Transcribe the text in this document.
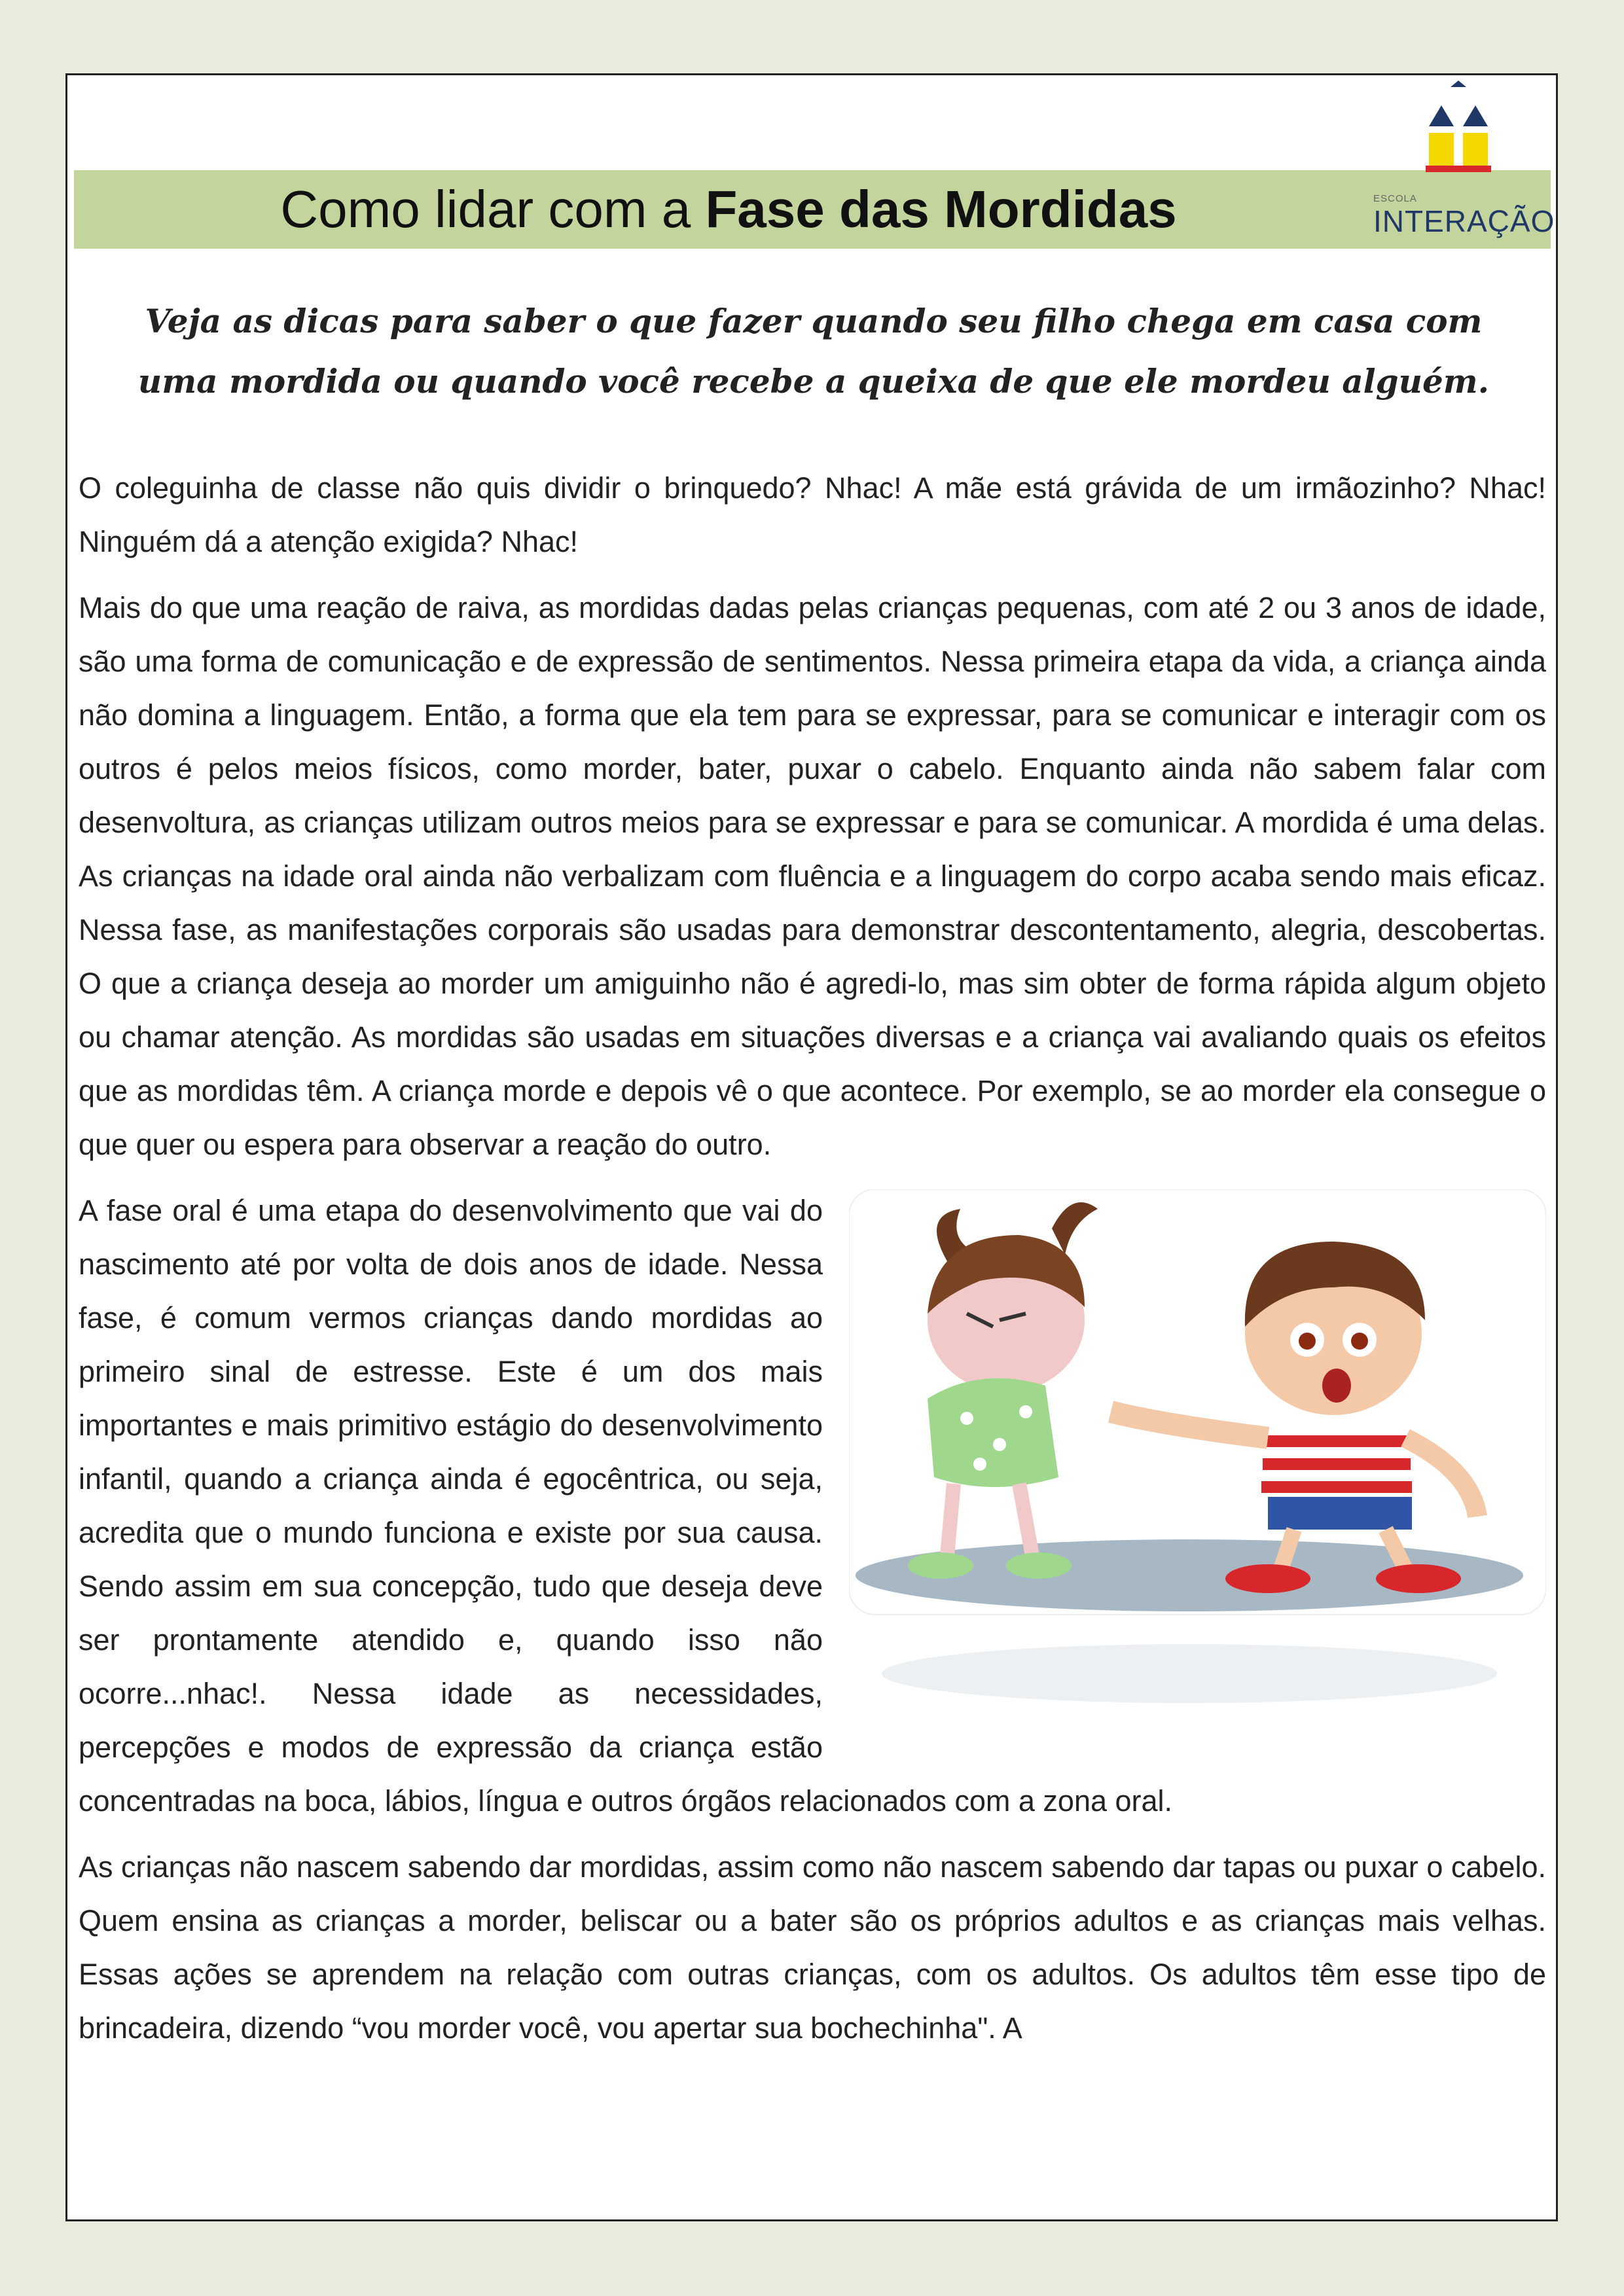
Como lidar com a Fase das Mordidas	ESCOLA
INTERAÇÃO

Veja as dicas para saber o que fazer quando seu filho chega em casa com uma mordida ou quando você recebe a queixa de que ele mordeu alguém.

O coleguinha de classe não quis dividir o brinquedo? Nhac! A mãe está grávida de um irmãozinho? Nhac! Ninguém dá a atenção exigida? Nhac!

Mais do que uma reação de raiva, as mordidas dadas pelas crianças pequenas, com até 2 ou 3 anos de idade, são uma forma de comunicação e de expressão de sentimentos. Nessa primeira etapa da vida, a criança ainda não domina a linguagem. Então, a forma que ela tem para se expressar, para se comunicar e interagir com os outros é pelos meios físicos, como morder, bater, puxar o cabelo. Enquanto ainda não sabem falar com desenvoltura, as crianças utilizam outros meios para se expressar e para se comunicar. A mordida é uma delas. As crianças na idade oral ainda não verbalizam com fluência e a linguagem do corpo acaba sendo mais eficaz. Nessa fase, as manifestações corporais são usadas para demonstrar descontentamento, alegria, descobertas. O que a criança deseja ao morder um amiguinho não é agredi-lo, mas sim obter de forma rápida algum objeto ou chamar atenção. As mordidas são usadas em situações diversas e a criança vai avaliando quais os efeitos que as mordidas têm. A criança morde e depois vê o que acontece. Por exemplo, se ao morder ela consegue o que quer ou espera para observar a reação do outro.

A fase oral é uma etapa do desenvolvimento que vai do nascimento até por volta de dois anos de idade. Nessa fase, é comum vermos crianças dando mordidas ao primeiro sinal de estresse. Este é um dos mais importantes e mais primitivo estágio do desenvolvimento infantil, quando a criança ainda é egocêntrica, ou seja, acredita que o mundo funciona e existe por sua causa. Sendo assim em sua concepção, tudo que deseja deve ser prontamente atendido e, quando isso não ocorre...nhac!. Nessa idade as necessidades, percepções e modos de expressão da criança estão concentradas na boca, lábios, língua e outros órgãos relacionados com a zona oral.

As crianças não nascem sabendo dar mordidas, assim como não nascem sabendo dar tapas ou puxar o cabelo. Quem ensina as crianças a morder, beliscar ou a bater são os próprios adultos e as crianças mais velhas. Essas ações se aprendem na relação com outras crianças, com os adultos. Os adultos têm esse tipo de brincadeira, dizendo “vou morder você, vou apertar sua bochechinha". A
